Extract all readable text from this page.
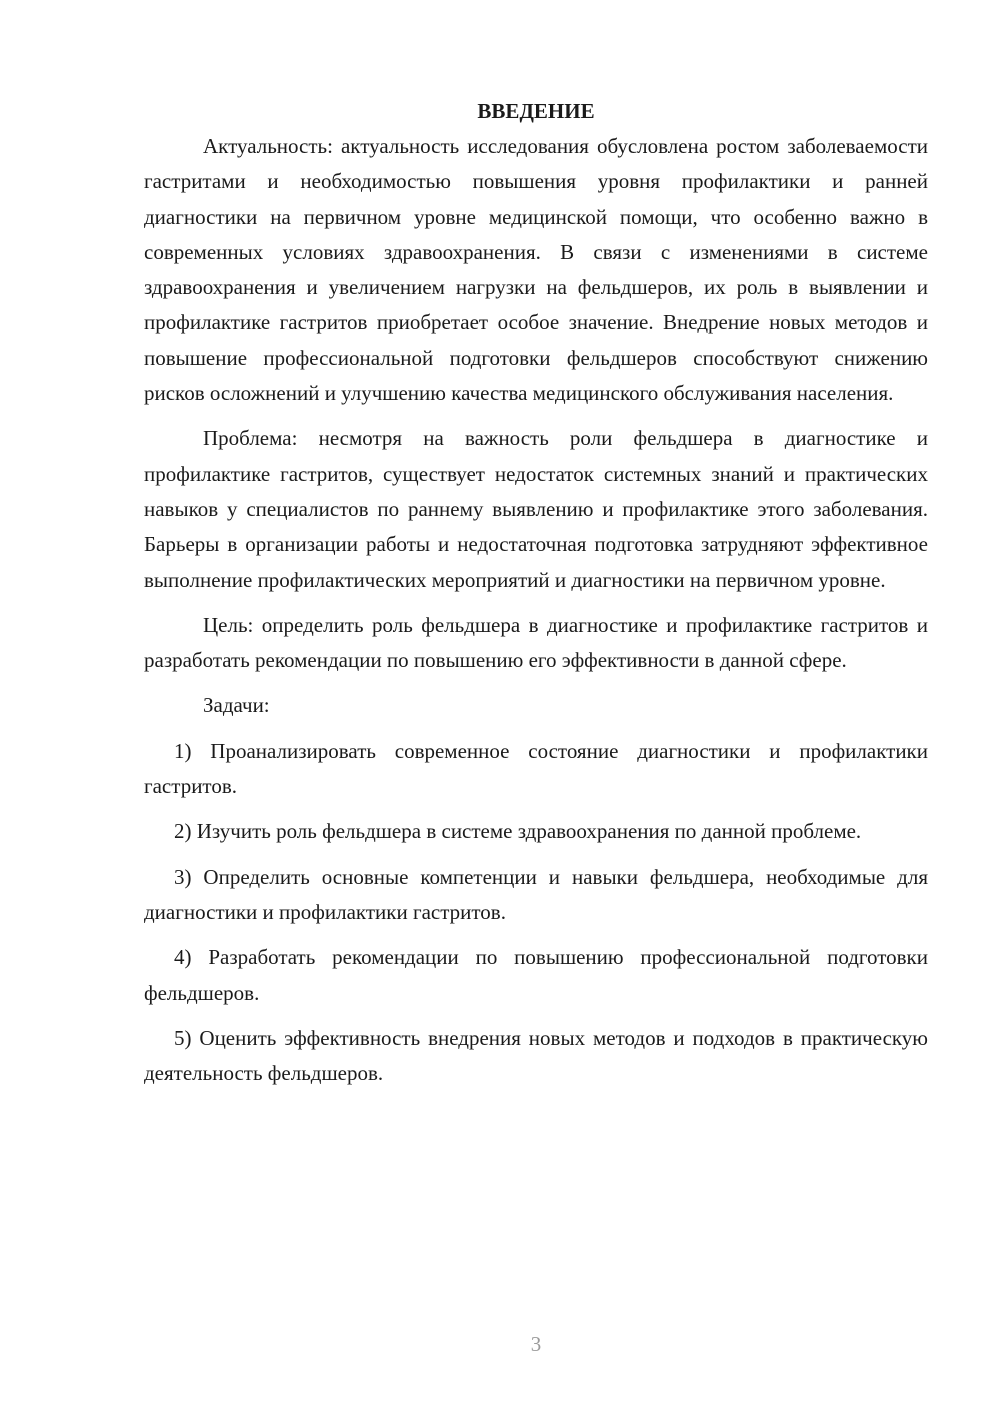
ВВЕДЕНИЕ

Актуальность: актуальность исследования обусловлена ростом заболеваемости гастритами и необходимостью повышения уровня профилактики и ранней диагностики на первичном уровне медицинской помощи, что особенно важно в современных условиях здравоохранения. В связи с изменениями в системе здравоохранения и увеличением нагрузки на фельдшеров, их роль в выявлении и профилактике гастритов приобретает особое значение. Внедрение новых методов и повышение профессиональной подготовки фельдшеров способствуют снижению рисков осложнений и улучшению качества медицинского обслуживания населения.

Проблема: несмотря на важность роли фельдшера в диагностике и профилактике гастритов, существует недостаток системных знаний и практических навыков у специалистов по раннему выявлению и профилактике этого заболевания. Барьеры в организации работы и недостаточная подготовка затрудняют эффективное выполнение профилактических мероприятий и диагностики на первичном уровне.

Цель: определить роль фельдшера в диагностике и профилактике гастритов и разработать рекомендации по повышению его эффективности в данной сфере.

Задачи:

1) Проанализировать современное состояние диагностики и профилактики гастритов.

2) Изучить роль фельдшера в системе здравоохранения по данной проблеме.

3) Определить основные компетенции и навыки фельдшера, необходимые для диагностики и профилактики гастритов.

4) Разработать рекомендации по повышению профессиональной подготовки фельдшеров.

5) Оценить эффективность внедрения новых методов и подходов в практическую деятельность фельдшеров.

3
